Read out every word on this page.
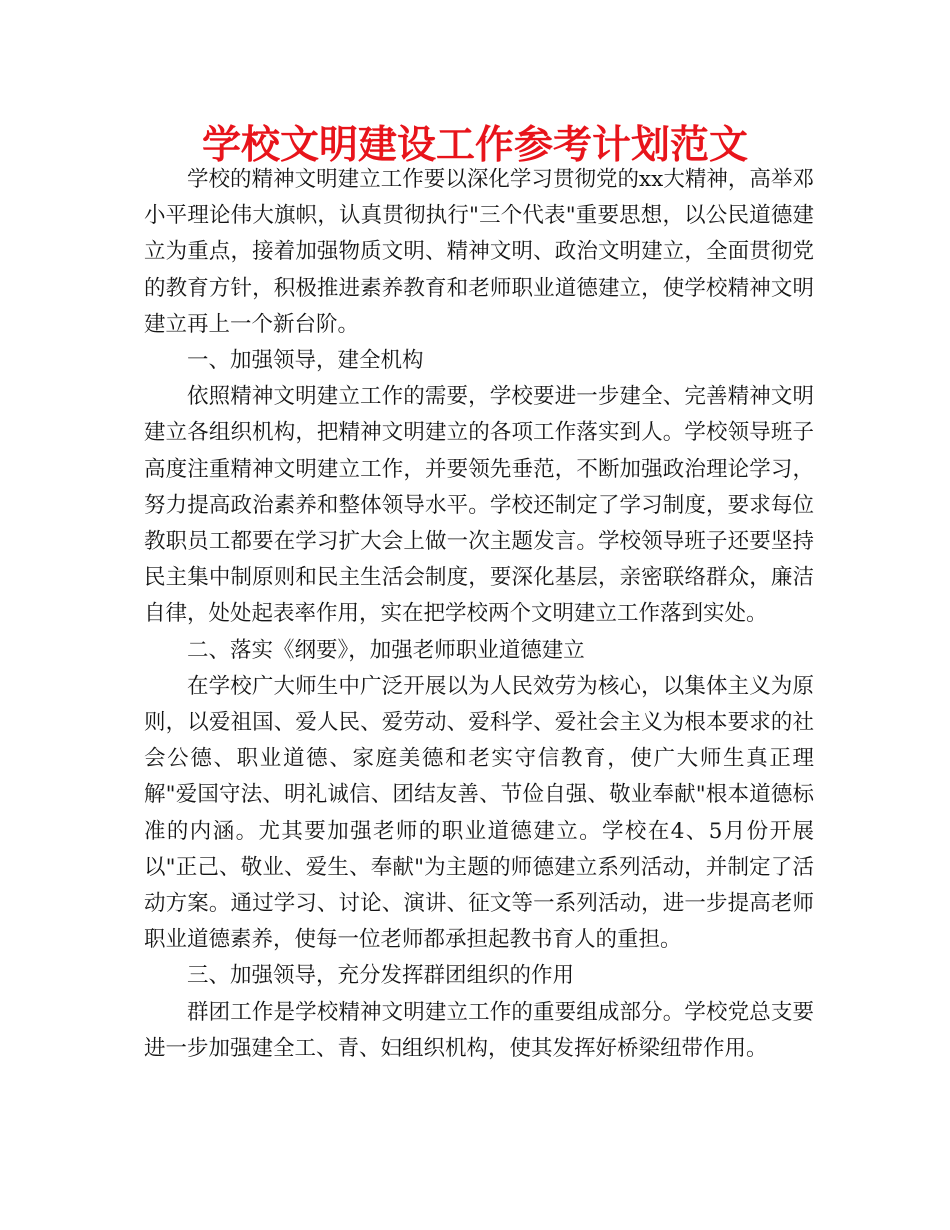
学校文明建设工作参考计划范文

学校的精神文明建立工作要以深化学习贯彻党的xx大精神，高举邓小平理论伟大旗帜，认真贯彻执行"三个代表"重要思想，以公民道德建立为重点，接着加强物质文明、精神文明、政治文明建立，全面贯彻党的教育方针，积极推进素养教育和老师职业道德建立，使学校精神文明建立再上一个新台阶。

一、加强领导，建全机构

依照精神文明建立工作的需要，学校要进一步建全、完善精神文明建立各组织机构，把精神文明建立的各项工作落实到人。学校领导班子高度注重精神文明建立工作，并要领先垂范，不断加强政治理论学习，努力提高政治素养和整体领导水平。学校还制定了学习制度，要求每位教职员工都要在学习扩大会上做一次主题发言。学校领导班子还要坚持民主集中制原则和民主生活会制度，要深化基层，亲密联络群众，廉洁自律，处处起表率作用，实在把学校两个文明建立工作落到实处。

二、落实《纲要》，加强老师职业道德建立

在学校广大师生中广泛开展以为人民效劳为核心，以集体主义为原则，以爱祖国、爱人民、爱劳动、爱科学、爱社会主义为根本要求的社会公德、职业道德、家庭美德和老实守信教育，使广大师生真正理解"爱国守法、明礼诚信、团结友善、节俭自强、敬业奉献"根本道德标准的内涵。尤其要加强老师的职业道德建立。学校在4、5月份开展以"正己、敬业、爱生、奉献"为主题的师德建立系列活动，并制定了活动方案。通过学习、讨论、演讲、征文等一系列活动，进一步提高老师职业道德素养，使每一位老师都承担起教书育人的重担。

三、加强领导，充分发挥群团组织的作用

群团工作是学校精神文明建立工作的重要组成部分。学校党总支要进一步加强建全工、青、妇组织机构，使其发挥好桥梁纽带作用。
